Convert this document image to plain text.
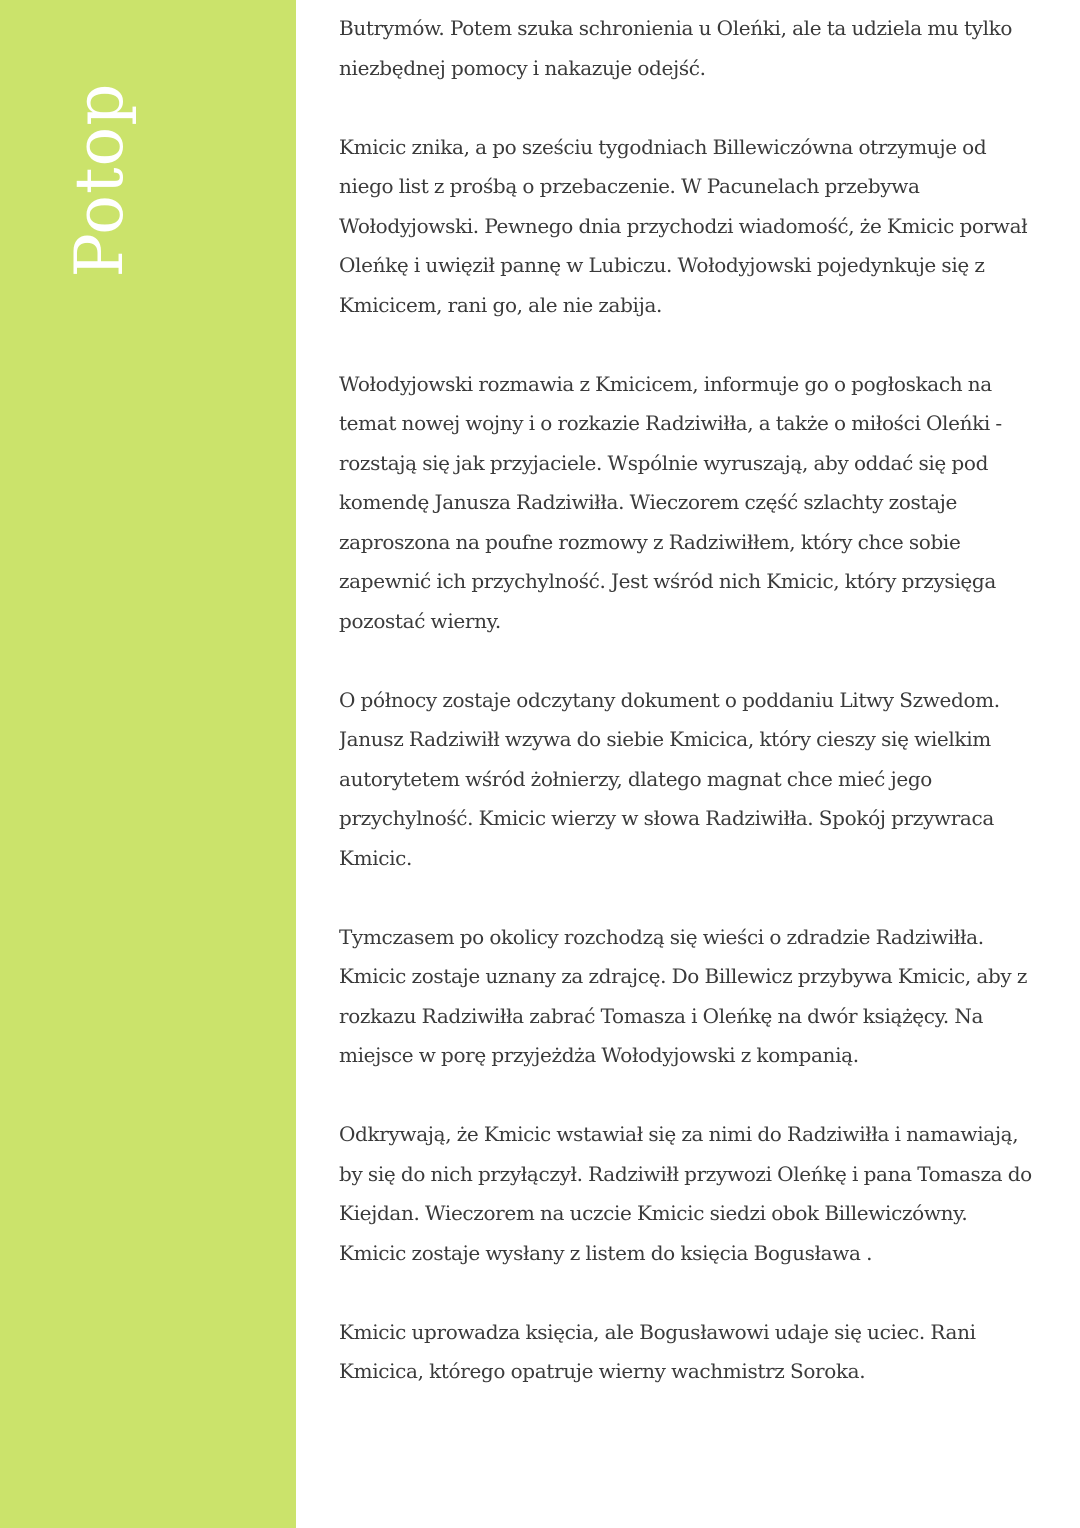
Potop

Butrymów. Potem szuka schronienia u Oleńki, ale ta udziela mu tylko niezbędnej pomocy i nakazuje odejść.

Kmicic znika, a po sześciu tygodniach Billewiczówna otrzymuje od niego list z prośbą o przebaczenie. W Pacunelach przebywa Wołodyjowski. Pewnego dnia przychodzi wiadomość, że Kmicic porwał Oleńkę i uwięził pannę w Lubiczu. Wołodyjowski pojedynkuje się z Kmicicem, rani go, ale nie zabija.

Wołodyjowski rozmawia z Kmicicem, informuje go o pogłoskach na temat nowej wojny i o rozkazie Radziwiłła, a także o miłości Oleńki - rozstają się jak przyjaciele. Wspólnie wyruszają, aby oddać się pod komendę Janusza Radziwiłła. Wieczorem część szlachty zostaje zaproszona na poufne rozmowy z Radziwiłłem, który chce sobie zapewnić ich przychylność. Jest wśród nich Kmicic, który przysięga pozostać wierny.

O północy zostaje odczytany dokument o poddaniu Litwy Szwedom. Janusz Radziwiłł wzywa do siebie Kmicica, który cieszy się wielkim autorytetem wśród żołnierzy, dlatego magnat chce mieć jego przychylność. Kmicic wierzy w słowa Radziwiłła. Spokój przywraca Kmicic.

Tymczasem po okolicy rozchodzą się wieści o zdradzie Radziwiłła. Kmicic zostaje uznany za zdrajcę. Do Billewicz przybywa Kmicic, aby z rozkazu Radziwiłła zabrać Tomasza i Oleńkę na dwór książęcy. Na miejsce w porę przyjeżdża Wołodyjowski z kompanią.

Odkrywają, że Kmicic wstawiał się za nimi do Radziwiłła i namawiają, by się do nich przyłączył. Radziwiłł przywozi Oleńkę i pana Tomasza do Kiejdan. Wieczorem na uczcie Kmicic siedzi obok Billewiczówny. Kmicic zostaje wysłany z listem do księcia Bogusława .

Kmicic uprowadza księcia, ale Bogusławowi udaje się uciec. Rani Kmicica, którego opatruje wierny wachmistrz Soroka.
